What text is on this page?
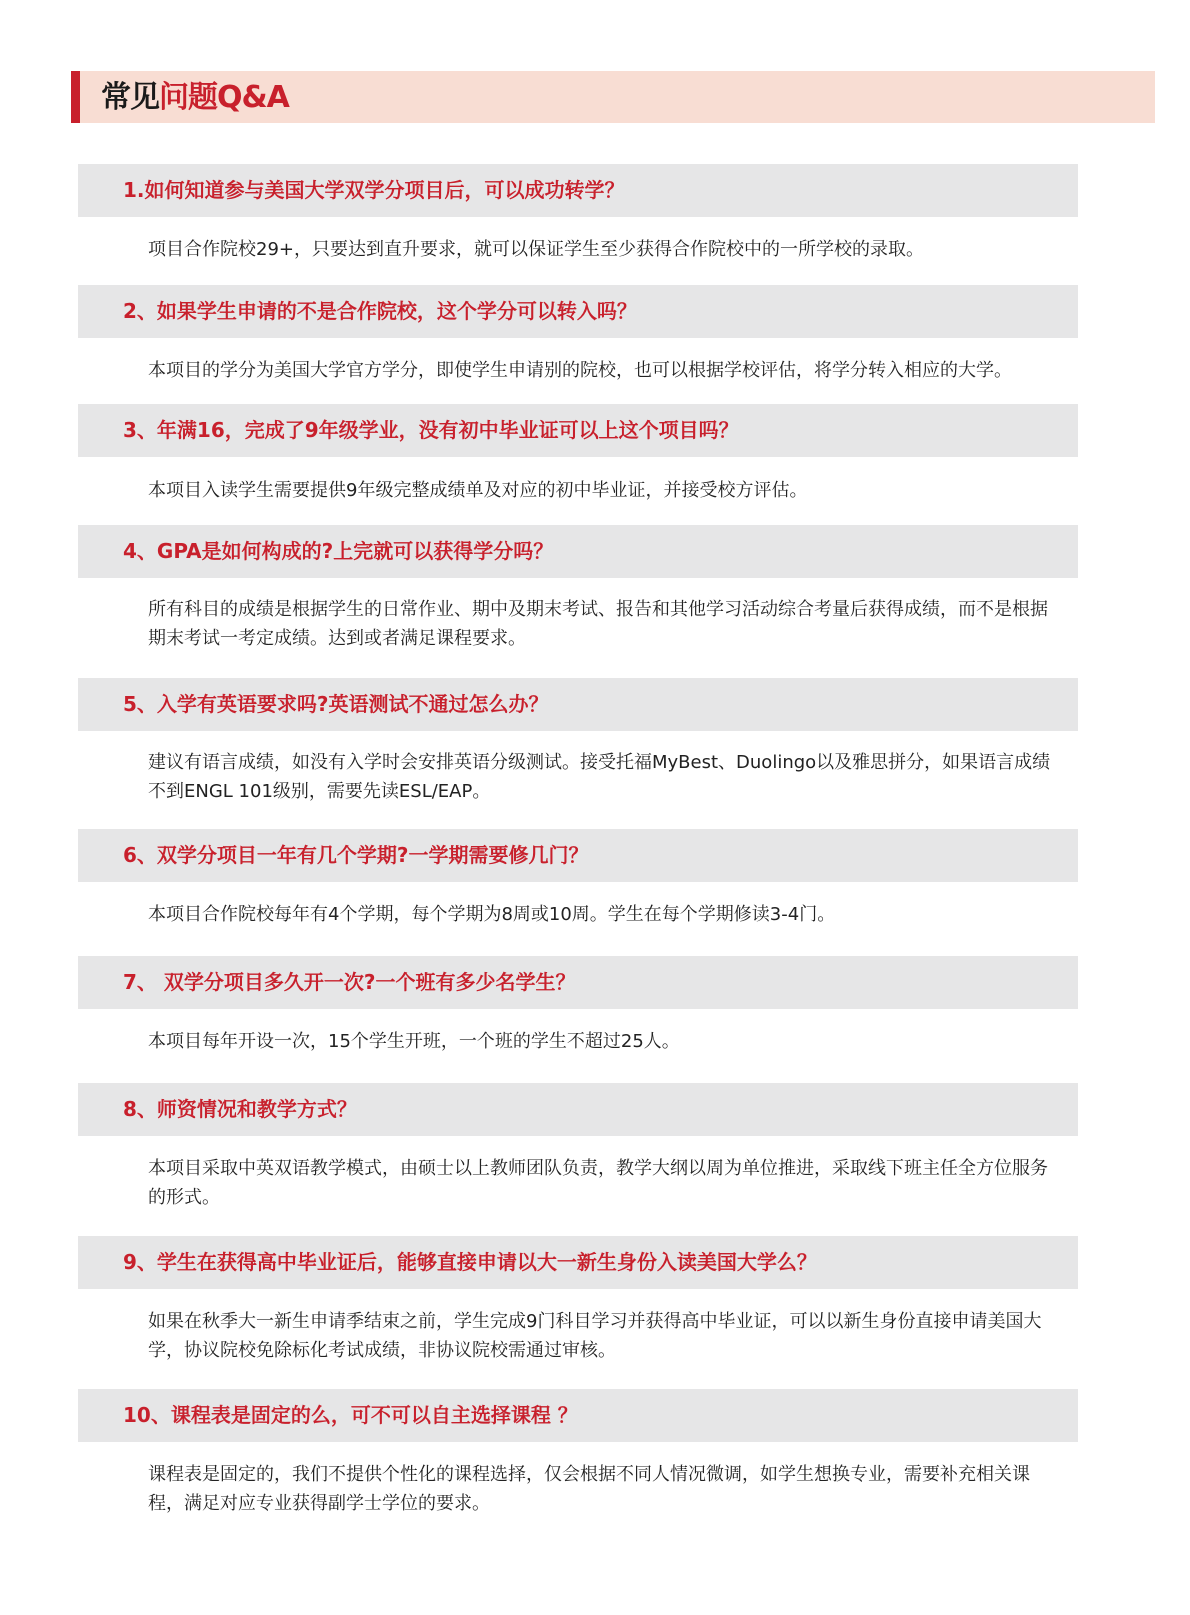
常见问题Q&A
1.如何知道参与美国大学双学分项目后，可以成功转学？

项目合作院校29+，只要达到直升要求，就可以保证学生至少获得合作院校中的一所学校的录取。

2、如果学生申请的不是合作院校，这个学分可以转入吗？

本项目的学分为美国大学官方学分，即使学生申请别的院校，也可以根据学校评估，将学分转入相应的大学。

3、年满16，完成了9年级学业，没有初中毕业证可以上这个项目吗？

本项目入读学生需要提供9年级完整成绩单及对应的初中毕业证，并接受校方评估。

4、GPA是如何构成的?上完就可以获得学分吗？

所有科目的成绩是根据学生的日常作业、期中及期末考试、报告和其他学习活动综合考量后获得成绩，而不是根据期末考试一考定成绩。达到或者满足课程要求。

5、入学有英语要求吗?英语测试不通过怎么办？

建议有语言成绩，如没有入学时会安排英语分级测试。接受托福MyBest、Duolingo以及雅思拼分，如果语言成绩不到ENGL 101级别，需要先读ESL/EAP。

6、双学分项目一年有几个学期?一学期需要修几门？

本项目合作院校每年有4个学期，每个学期为8周或10周。学生在每个学期修读3-4门。

7、 双学分项目多久开一次?一个班有多少名学生？

本项目每年开设一次，15个学生开班，一个班的学生不超过25人。

8、师资情况和教学方式？

本项目采取中英双语教学模式，由硕士以上教师团队负责，教学大纲以周为单位推进，采取线下班主任全方位服务的形式。

9、学生在获得高中毕业证后，能够直接申请以大一新生身份入读美国大学么？

如果在秋季大一新生申请季结束之前，学生完成9门科目学习并获得高中毕业证，可以以新生身份直接申请美国大学，协议院校免除标化考试成绩，非协议院校需通过审核。

10、课程表是固定的么，可不可以自主选择课程 ？

课程表是固定的，我们不提供个性化的课程选择，仅会根据不同人情况微调，如学生想换专业，需要补充相关课程，满足对应专业获得副学士学位的要求。
